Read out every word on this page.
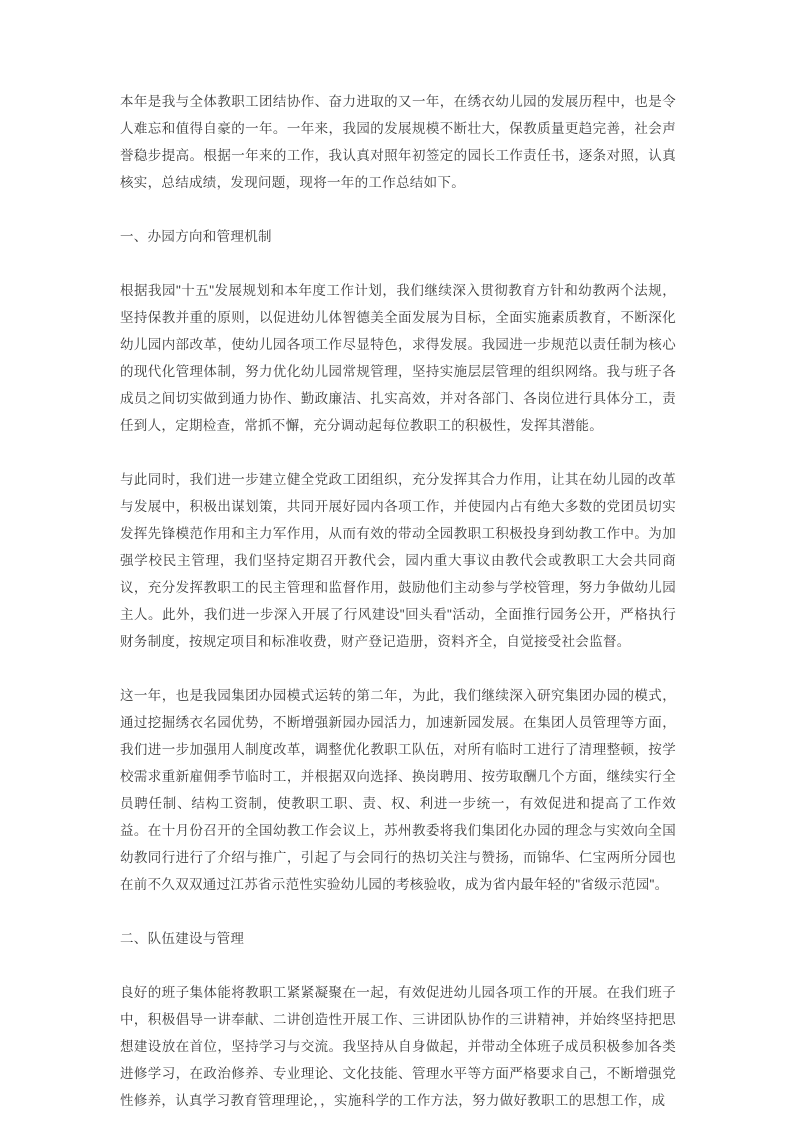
本年是我与全体教职工团结协作、奋力进取的又一年，在绣衣幼儿园的发展历程中，也是令人难忘和值得自豪的一年。一年来，我园的发展规模不断壮大，保教质量更趋完善，社会声誉稳步提高。根据一年来的工作，我认真对照年初签定的园长工作责任书，逐条对照，认真核实，总结成绩，发现问题，现将一年的工作总结如下。

一、办园方向和管理机制

根据我园"十五"发展规划和本年度工作计划，我们继续深入贯彻教育方针和幼教两个法规，坚持保教并重的原则，以促进幼儿体智德美全面发展为目标，全面实施素质教育，不断深化幼儿园内部改革，使幼儿园各项工作尽显特色，求得发展。我园进一步规范以责任制为核心的现代化管理体制，努力优化幼儿园常规管理，坚持实施层层管理的组织网络。我与班子各成员之间切实做到通力协作、勤政廉洁、扎实高效，并对各部门、各岗位进行具体分工，责任到人，定期检查，常抓不懈，充分调动起每位教职工的积极性，发挥其潜能。

与此同时，我们进一步建立健全党政工团组织，充分发挥其合力作用，让其在幼儿园的改革与发展中，积极出谋划策，共同开展好园内各项工作，并使园内占有绝大多数的党团员切实发挥先锋模范作用和主力军作用，从而有效的带动全园教职工积极投身到幼教工作中。为加强学校民主管理，我们坚持定期召开教代会，园内重大事议由教代会或教职工大会共同商议，充分发挥教职工的民主管理和监督作用，鼓励他们主动参与学校管理，努力争做幼儿园主人。此外，我们进一步深入开展了行风建设"回头看"活动，全面推行园务公开，严格执行财务制度，按规定项目和标准收费，财产登记造册，资料齐全，自觉接受社会监督。

这一年，也是我园集团办园模式运转的第二年，为此，我们继续深入研究集团办园的模式，通过挖掘绣衣名园优势，不断增强新园办园活力，加速新园发展。在集团人员管理等方面，我们进一步加强用人制度改革，调整优化教职工队伍，对所有临时工进行了清理整顿，按学校需求重新雇佣季节临时工，并根据双向选择、换岗聘用、按劳取酬几个方面，继续实行全员聘任制、结构工资制，使教职工职、责、权、利进一步统一，有效促进和提高了工作效益。在十月份召开的全国幼教工作会议上，苏州教委将我们集团化办园的理念与实效向全国幼教同行进行了介绍与推广，引起了与会同行的热切关注与赞扬，而锦华、仁宝两所分园也在前不久双双通过江苏省示范性实验幼儿园的考核验收，成为省内最年轻的"省级示范园"。

二、队伍建设与管理

良好的班子集体能将教职工紧紧凝聚在一起，有效促进幼儿园各项工作的开展。在我们班子中，积极倡导一讲奉献、二讲创造性开展工作、三讲团队协作的三讲精神，并始终坚持把思想建设放在首位，坚持学习与交流。我坚持从自身做起，并带动全体班子成员积极参加各类进修学习，在政治修养、专业理论、文化技能、管理水平等方面严格要求自己，不断增强党性修养，认真学习教育管理理论，，实施科学的工作方法，努力做好教职工的思想工作，成
